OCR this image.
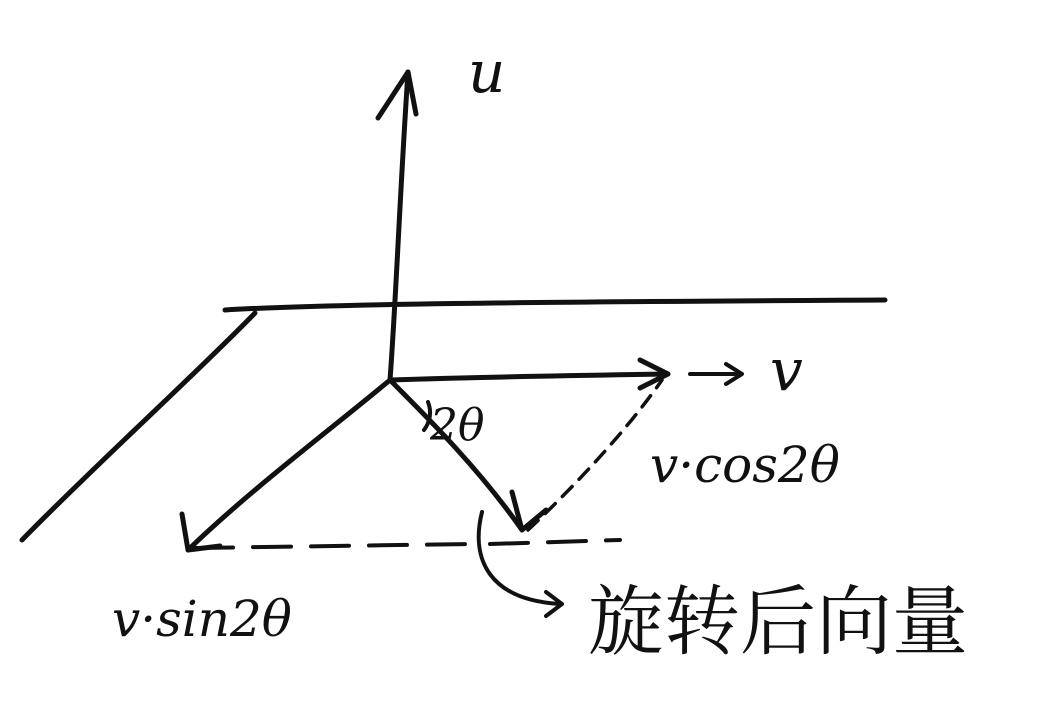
u
v
2θ
v·cos2θ
v·sin2θ	旋转后向量
